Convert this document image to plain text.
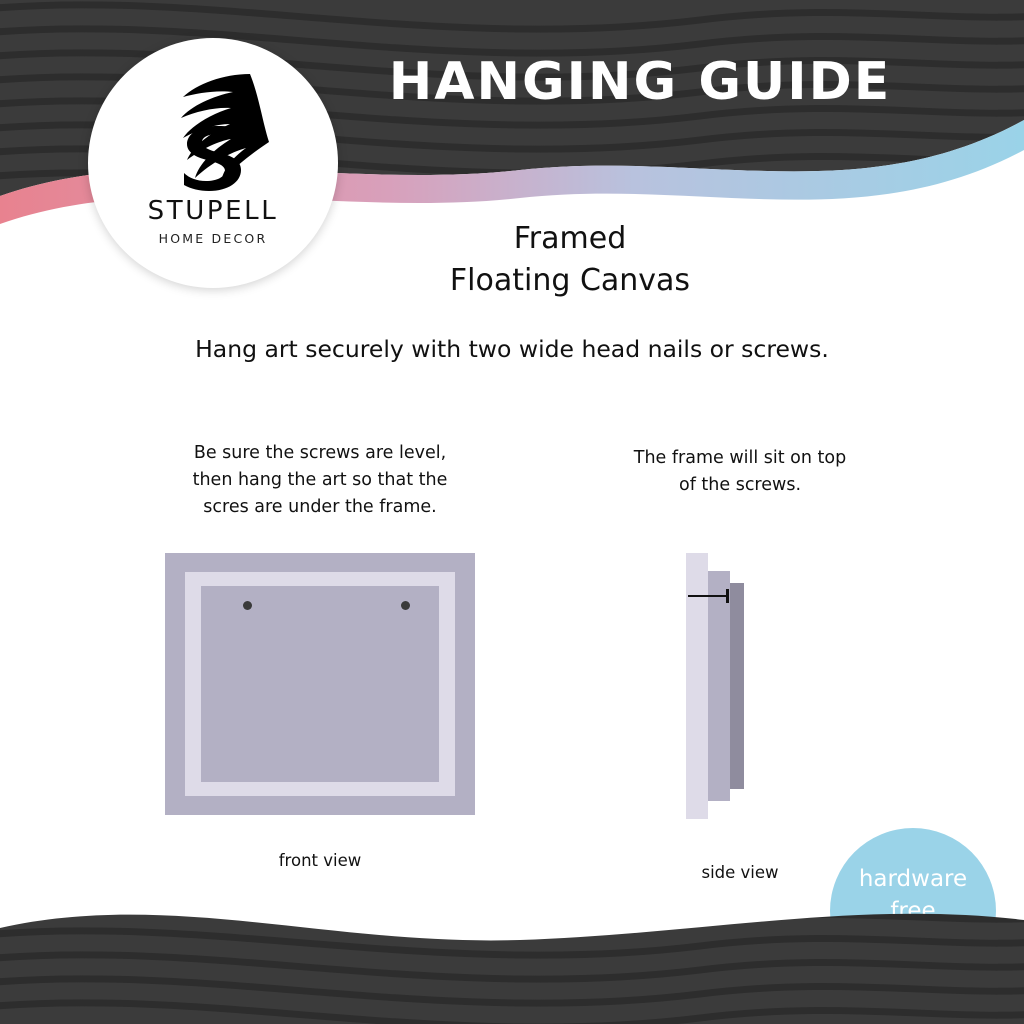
STUPELL
HOME DECOR
HANGING GUIDE
Framed
Floating Canvas
Hang art securely with two wide head nails or screws.
Be sure the screws are level,
then hang the art so that the
scres are under the frame.
front view
The frame will sit on top
of the screws.
side view	hardware
free
